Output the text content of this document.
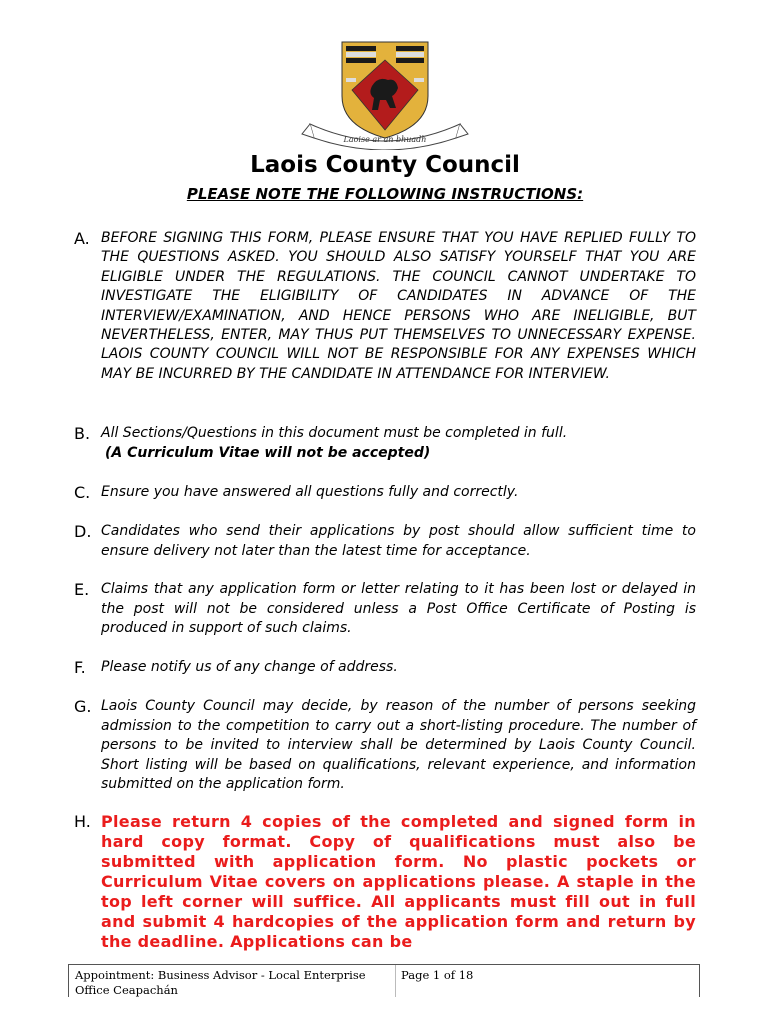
Laoise ar an bhuadh
Laois County Council
PLEASE NOTE THE FOLLOWING INSTRUCTIONS:
A. BEFORE SIGNING THIS FORM, PLEASE ENSURE THAT YOU HAVE REPLIED FULLY TO THE QUESTIONS ASKED. YOU SHOULD ALSO SATISFY YOURSELF THAT YOU ARE ELIGIBLE UNDER THE REGULATIONS. THE COUNCIL CANNOT UNDERTAKE TO INVESTIGATE THE ELIGIBILITY OF CANDIDATES IN ADVANCE OF THE INTERVIEW/EXAMINATION, AND HENCE PERSONS WHO ARE INELIGIBLE, BUT NEVERTHELESS, ENTER, MAY THUS PUT THEMSELVES TO UNNECESSARY EXPENSE. LAOIS COUNTY COUNCIL WILL NOT BE RESPONSIBLE FOR ANY EXPENSES WHICH MAY BE INCURRED BY THE CANDIDATE IN ATTENDANCE FOR INTERVIEW.
B. All Sections/Questions in this document must be completed in full.
(A Curriculum Vitae will not be accepted)
C. Ensure you have answered all questions fully and correctly.
D. Candidates who send their applications by post should allow sufficient time to ensure delivery not later than the latest time for acceptance.
E. Claims that any application form or letter relating to it has been lost or delayed in the post will not be considered unless a Post Office Certificate of Posting is produced in support of such claims.
F. Please notify us of any change of address.
G. Laois County Council may decide, by reason of the number of persons seeking admission to the competition to carry out a short-listing procedure. The number of persons to be invited to interview shall be determined by Laois County Council. Short listing will be based on qualifications, relevant experience, and information submitted on the application form.
H. Please return 4 copies of the completed and signed form in hard copy format. Copy of qualifications must also be submitted with application form. No plastic pockets or Curriculum Vitae covers on applications please. A staple in the top left corner will suffice. All applicants must fill out in full and submit 4 hardcopies of the application form and return by the deadline. Applications can be
Appointment: Business Advisor - Local Enterprise Office Ceapachán
Page 1 of 18
